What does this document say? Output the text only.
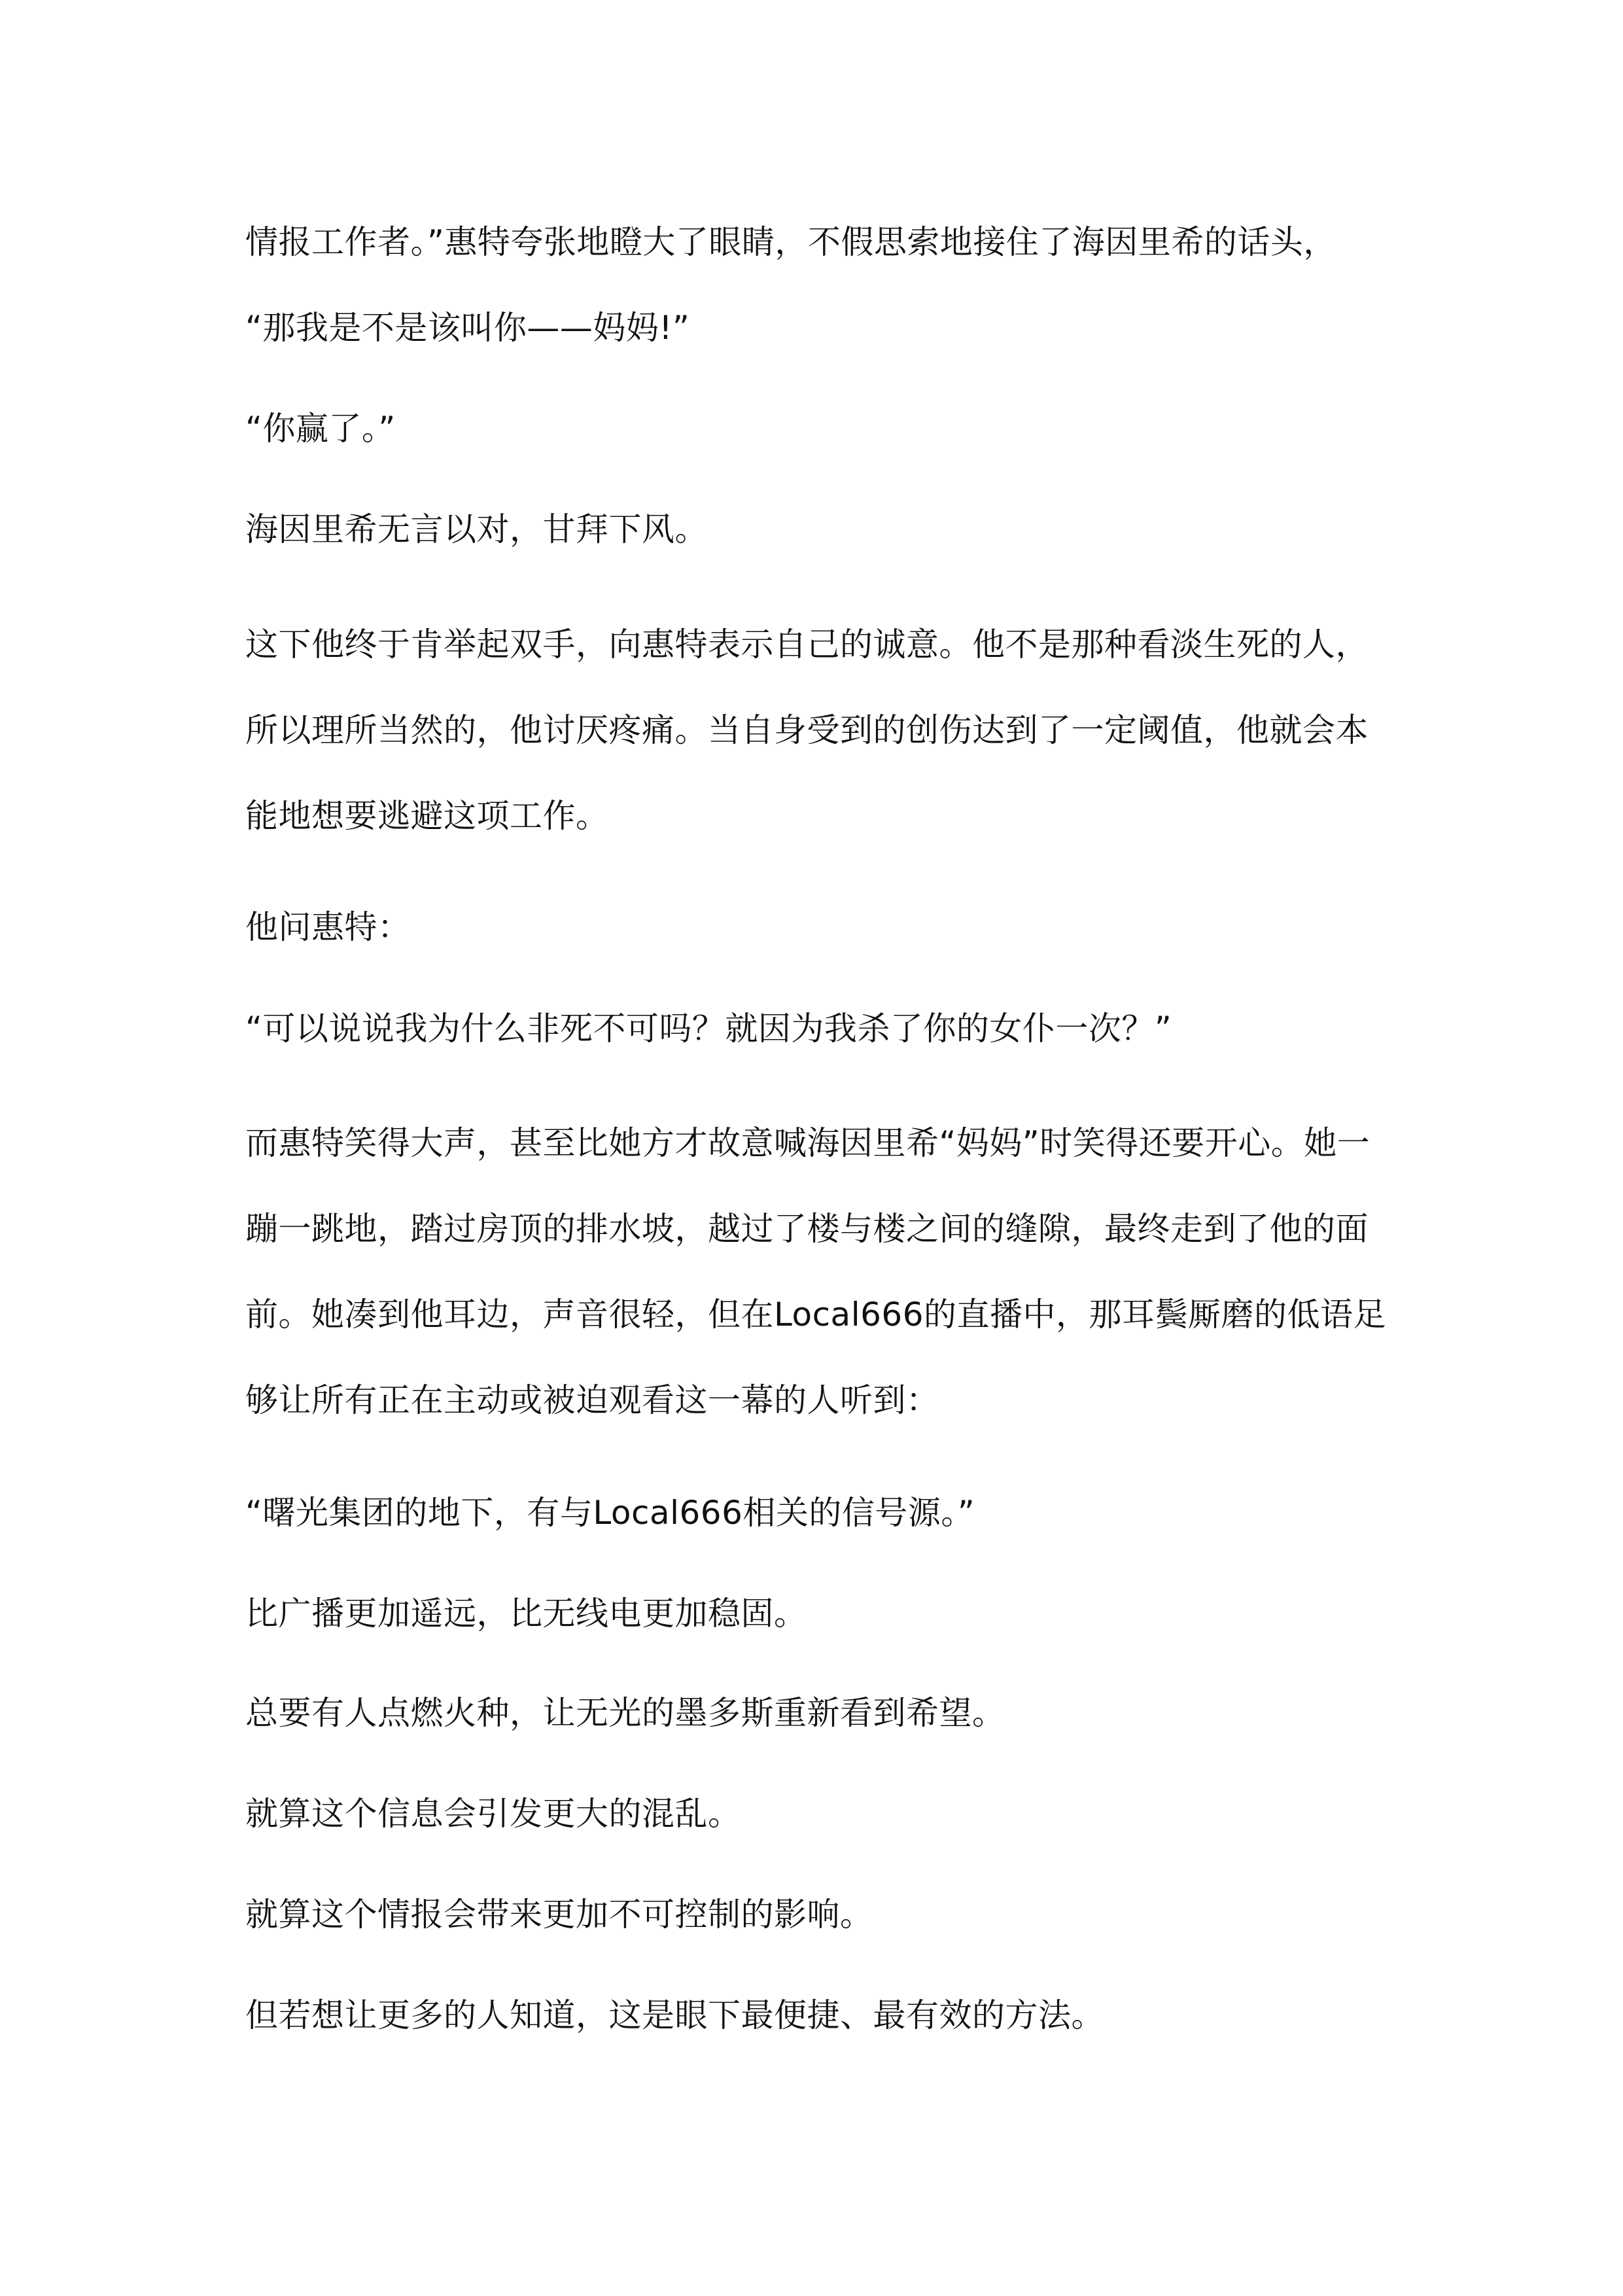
情报工作者。”惠特夸张地瞪大了眼睛，不假思索地接住了海因里希的话头，

“那我是不是该叫你——妈妈!”

“你赢了。”

海因里希无言以对，甘拜下风。

这下他终于肯举起双手，向惠特表示自己的诚意。他不是那种看淡生死的人，所以理所当然的，他讨厌疼痛。当自身受到的创伤达到了一定阈值，他就会本能地想要逃避这项工作。

他问惠特：

“可以说说我为什么非死不可吗？就因为我杀了你的女仆一次？”

而惠特笑得大声，甚至比她方才故意喊海因里希“妈妈”时笑得还要开心。她一蹦一跳地，踏过房顶的排水坡，越过了楼与楼之间的缝隙，最终走到了他的面前。她凑到他耳边，声音很轻，但在Local666的直播中，那耳鬓厮磨的低语足够让所有正在主动或被迫观看这一幕的人听到：

“曙光集团的地下，有与Local666相关的信号源。”

比广播更加遥远，比无线电更加稳固。

总要有人点燃火种，让无光的墨多斯重新看到希望。

就算这个信息会引发更大的混乱。

就算这个情报会带来更加不可控制的影响。

但若想让更多的人知道，这是眼下最便捷、最有效的方法。
